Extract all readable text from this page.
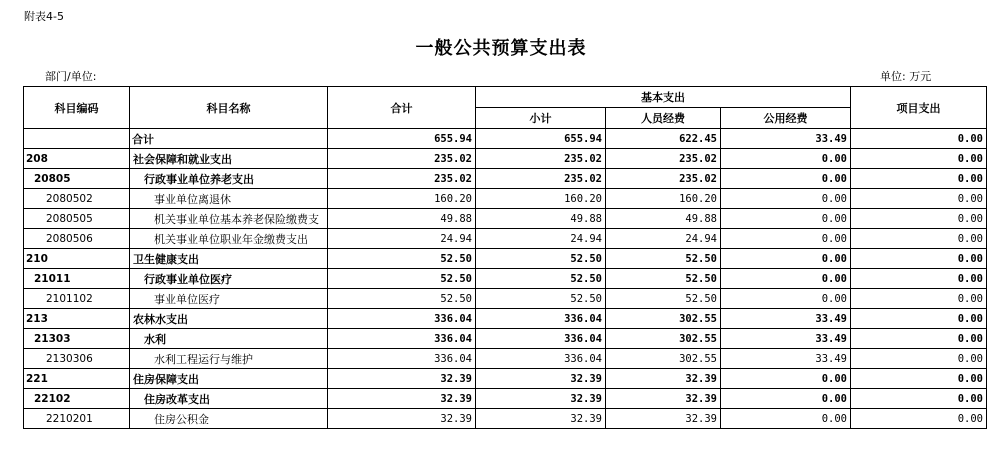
附表4-5
一般公共预算支出表
部门/单位:	单位: 万元
科目编码	科目名称	合计	基本支出			项目支出
			小计	人员经费	公用经费	
	合计	655.94	655.94	622.45	33.49	0.00
208	社会保障和就业支出	235.02	235.02	235.02	0.00	0.00
20805	行政事业单位养老支出	235.02	235.02	235.02	0.00	0.00
2080502	事业单位离退休	160.20	160.20	160.20	0.00	0.00
2080505	机关事业单位基本养老保险缴费支	49.88	49.88	49.88	0.00	0.00
2080506	机关事业单位职业年金缴费支出	24.94	24.94	24.94	0.00	0.00
210	卫生健康支出	52.50	52.50	52.50	0.00	0.00
21011	行政事业单位医疗	52.50	52.50	52.50	0.00	0.00
2101102	事业单位医疗	52.50	52.50	52.50	0.00	0.00
213	农林水支出	336.04	336.04	302.55	33.49	0.00
21303	水利	336.04	336.04	302.55	33.49	0.00
2130306	水利工程运行与维护	336.04	336.04	302.55	33.49	0.00
221	住房保障支出	32.39	32.39	32.39	0.00	0.00
22102	住房改革支出	32.39	32.39	32.39	0.00	0.00
2210201	住房公积金	32.39	32.39	32.39	0.00	0.00
